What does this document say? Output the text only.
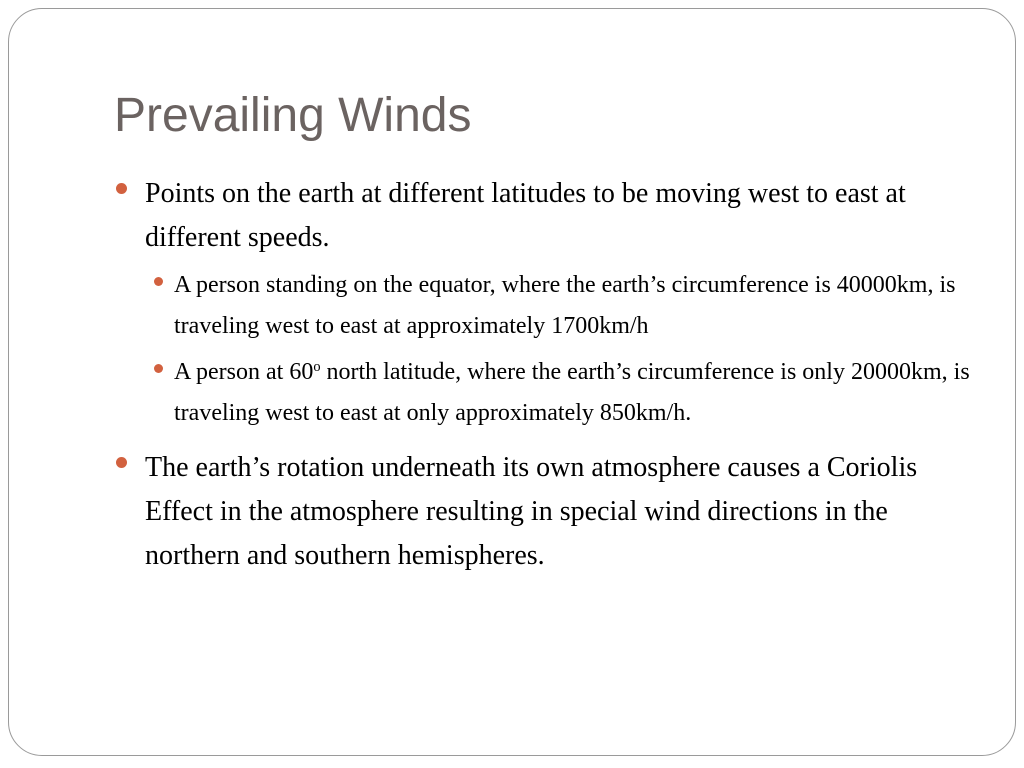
Prevailing Winds
Points on the earth at different latitudes to be moving west to east at different speeds.
A person standing on the equator, where the earth’s circumference is 40000km, is traveling west to east at approximately 1700km/h
A person at 60$^o$ north latitude, where the earth’s circumference is only 20000km, is traveling west to east at only approximately 850km/h.
The earth’s rotation underneath its own atmosphere causes a Coriolis Effect in the atmosphere resulting in special wind directions in the northern and southern hemispheres.
